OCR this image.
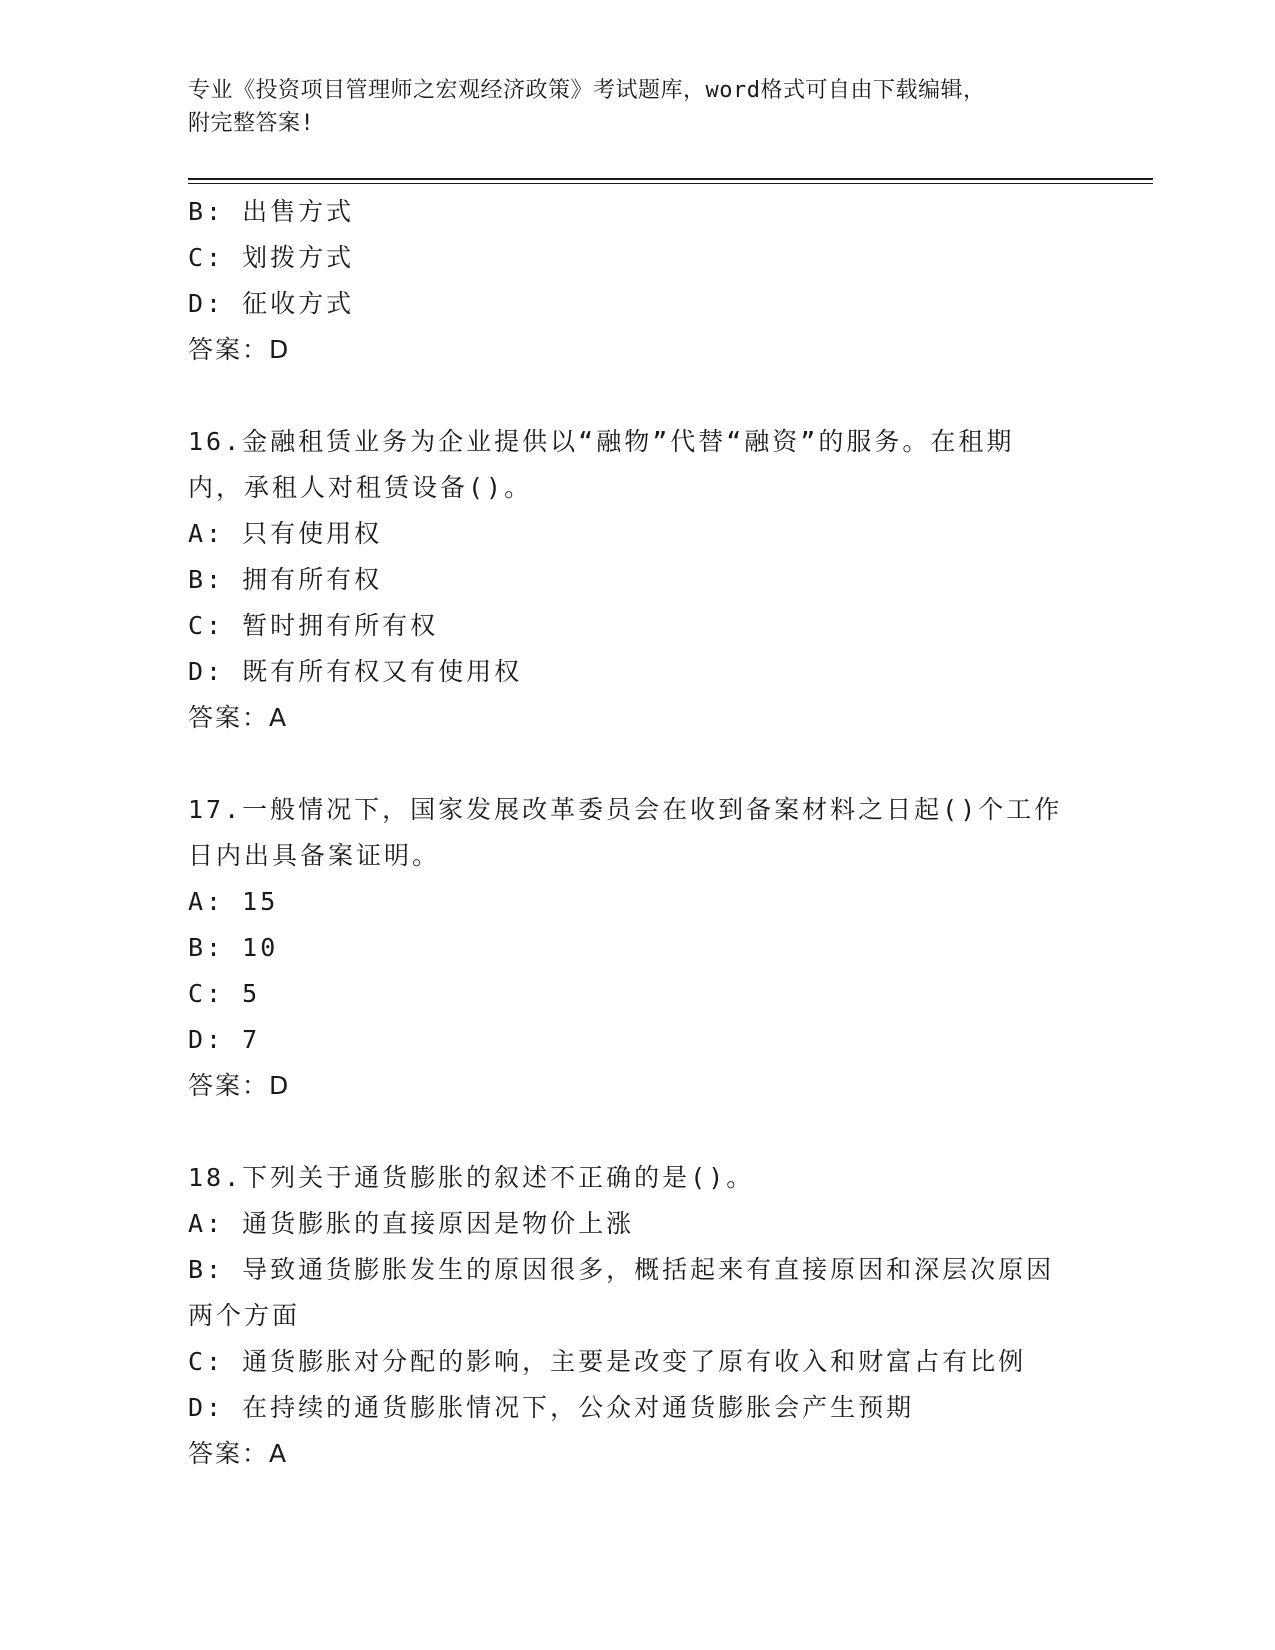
专业《投资项目管理师之宏观经济政策》考试题库，word格式可自由下载编辑，
附完整答案!
B: 出售方式
C: 划拨方式
D: 征收方式
答案：D
16.金融租赁业务为企业提供以“融物”代替“融资”的服务。在租期
内，承租人对租赁设备()。
A: 只有使用权
B: 拥有所有权
C: 暂时拥有所有权
D: 既有所有权又有使用权
答案：A
17.一般情况下，国家发展改革委员会在收到备案材料之日起()个工作
日内出具备案证明。
A: 15
B: 10
C: 5
D: 7
答案：D
18.下列关于通货膨胀的叙述不正确的是()。
A: 通货膨胀的直接原因是物价上涨
B: 导致通货膨胀发生的原因很多，概括起来有直接原因和深层次原因
两个方面
C: 通货膨胀对分配的影响，主要是改变了原有收入和财富占有比例
D: 在持续的通货膨胀情况下，公众对通货膨胀会产生预期
答案：A
